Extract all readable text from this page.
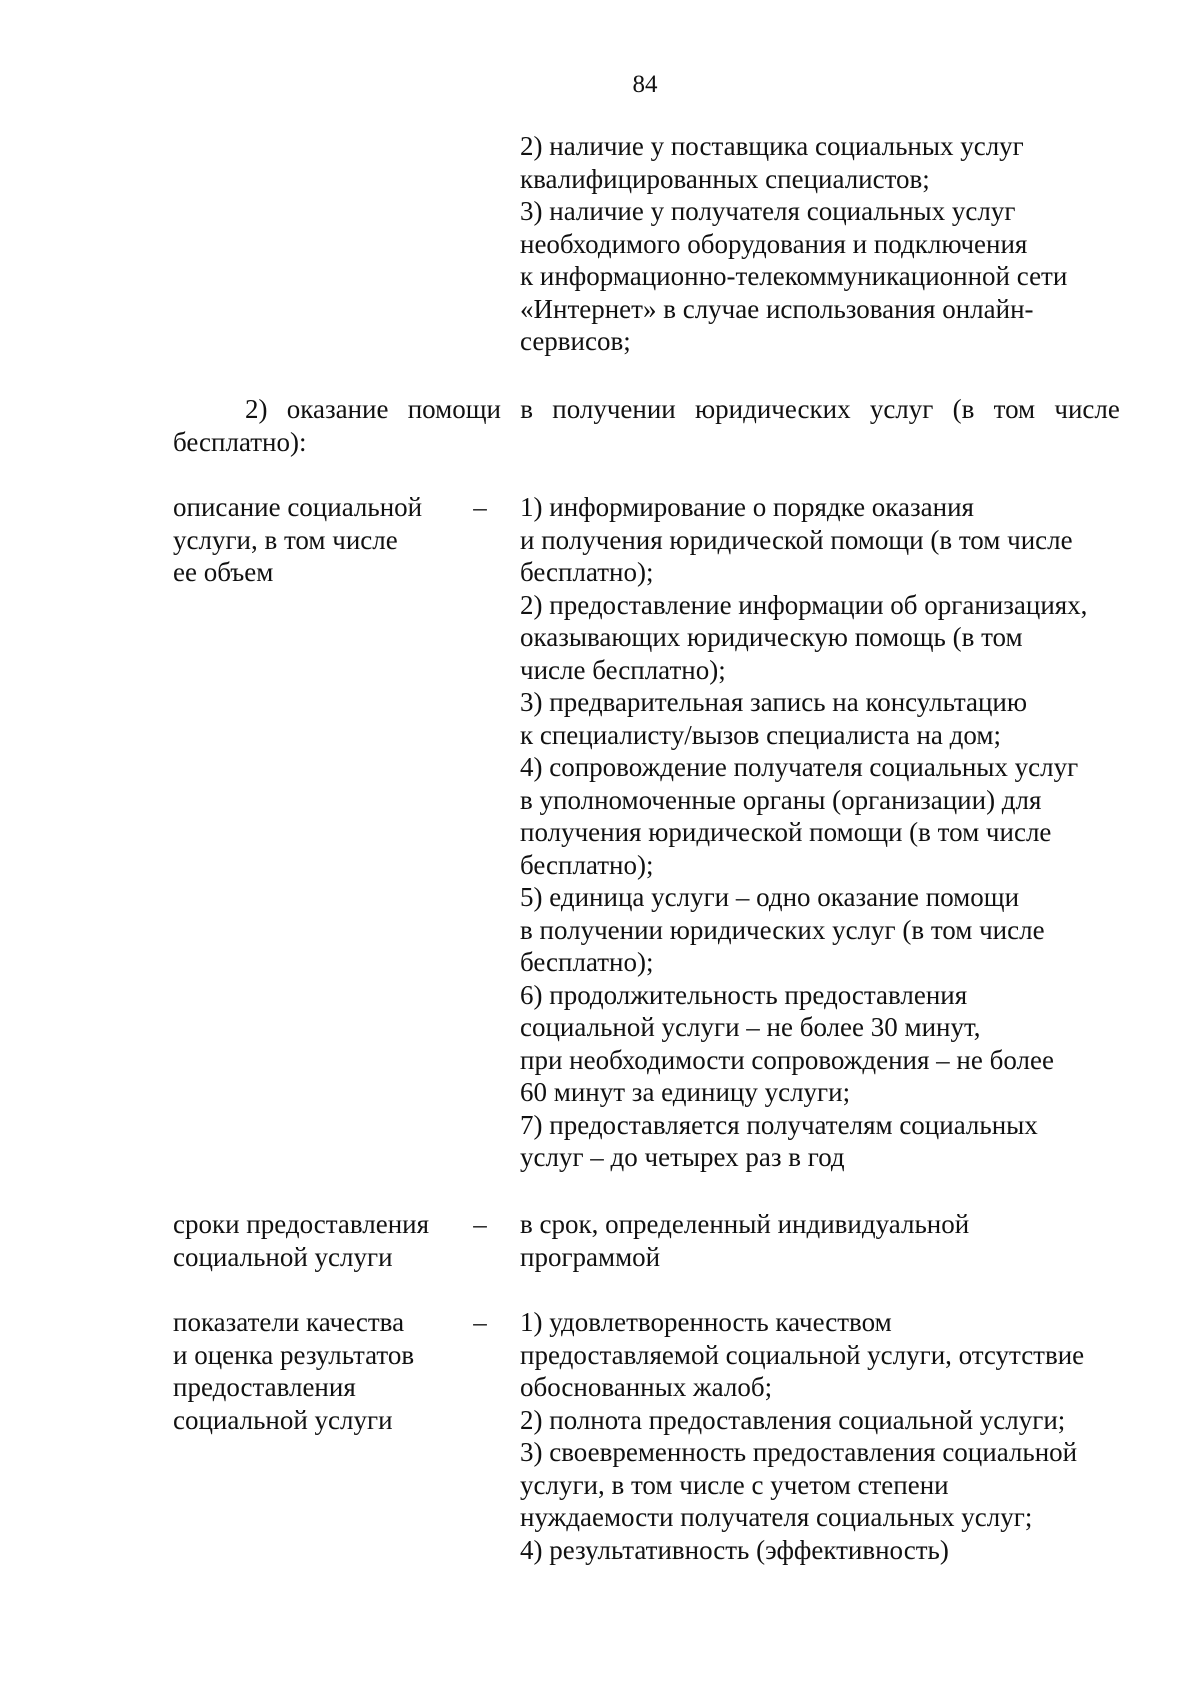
84
2) наличие у поставщика социальных услуг
квалифицированных специалистов;
3) наличие у получателя социальных услуг
необходимого оборудования и подключения
к информационно-телекоммуникационной сети
«Интернет» в случае использования онлайн-
сервисов;
2) оказание помощи в получении юридических услуг (в том числе
бесплатно):
описание социальной
услуги, в том числе
ее объем
– 1) информирование о порядке оказания
и получения юридической помощи (в том числе
бесплатно);
2) предоставление информации об организациях,
оказывающих юридическую помощь (в том
числе бесплатно);
3) предварительная запись на консультацию
к специалисту/вызов специалиста на дом;
4) сопровождение получателя социальных услуг
в уполномоченные органы (организации) для
получения юридической помощи (в том числе
бесплатно);
5) единица услуги – одно оказание помощи
в получении юридических услуг (в том числе
бесплатно);
6) продолжительность предоставления
социальной услуги – не более 30 минут,
при необходимости сопровождения – не более
60 минут за единицу услуги;
7) предоставляется получателям социальных
услуг – до четырех раз в год
сроки предоставления
социальной услуги
– в срок, определенный индивидуальной
программой
показатели качества
и оценка результатов
предоставления
социальной услуги
– 1) удовлетворенность качеством
предоставляемой социальной услуги, отсутствие
обоснованных жалоб;
2) полнота предоставления социальной услуги;
3) своевременность предоставления социальной
услуги, в том числе с учетом степени
нуждаемости получателя социальных услуг;
4) результативность (эффективность)
